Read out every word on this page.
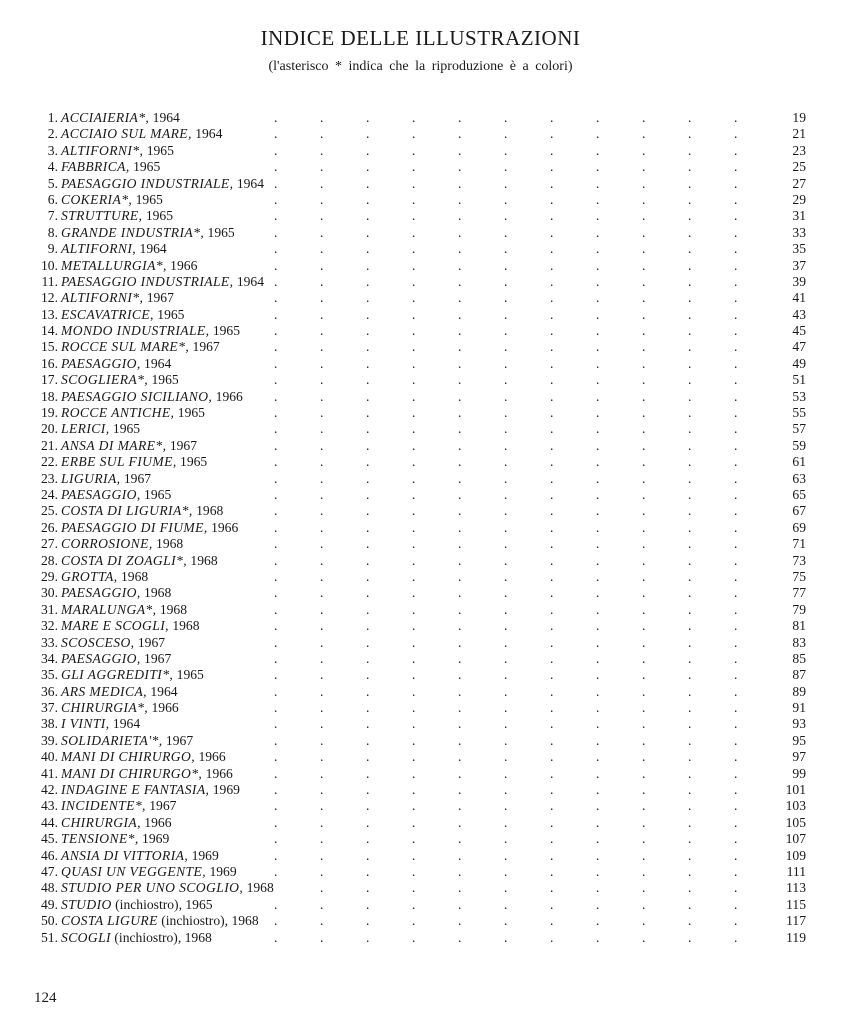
INDICE DELLE ILLUSTRAZIONI
(l'asterisco * indica che la riproduzione è a colori)
1. ACCIAIERIA*, 1964	.	.	.	.	.	.	.	.	.	.	.	19
2. ACCIAIO SUL MARE, 1964	.	.	.	.	.	.	.	.	.	.	.	21
3. ALTIFORNI*, 1965	.	.	.	.	.	.	.	.	.	.	.	23
4. FABBRICA, 1965	.	.	.	.	.	.	.	.	.	.	.	25
5. PAESAGGIO INDUSTRIALE, 1964 .	.	.	.	.	.	.	.	.	.	.	27
6. COKERIA*, 1965	.	.	.	.	.	.	.	.	.	.	.	29
7. STRUTTURE, 1965	.	.	.	.	.	.	.	.	.	.	.	31
8. GRANDE INDUSTRIA*, 1965	.	.	.	.	.	.	.	.	.	.	.	33
9. ALTIFORNI, 1964	.	.	.	.	.	.	.	.	.	.	.	35
10. METALLURGIA*, 1966	.	.	.	.	.	.	.	.	.	.	.	37
11. PAESAGGIO INDUSTRIALE, 1964 .	.	.	.	.	.	.	.	.	.	.	39
12. ALTIFORNI*, 1967	.	.	.	.	.	.	.	.	.	.	.	41
13. ESCAVATRICE, 1965	.	.	.	.	.	.	.	.	.	.	.	43
14. MONDO INDUSTRIALE, 1965 .	.	.	.	.	.	.	.	.	.	.	45
15. ROCCE SUL MARE*, 1967	.	.	.	.	.	.	.	.	.	.	.	47
16. PAESAGGIO, 1964	.	.	.	.	.	.	.	.	.	.	.	49
17. SCOGLIERA*, 1965	.	.	.	.	.	.	.	.	.	.	.	51
18. PAESAGGIO SICILIANO, 1966 .	.	.	.	.	.	.	.	.	.	.	53
19. ROCCE ANTICHE, 1965	.	.	.	.	.	.	.	.	.	.	.	55
20. LERICI, 1965	.	.	.	.	.	.	.	.	.	.	.	57
21. ANSA DI MARE*, 1967	.	.	.	.	.	.	.	.	.	.	.	59
22. ERBE SUL FIUME, 1965	.	.	.	.	.	.	.	.	.	.	.	61
23. LIGURIA, 1967	.	.	.	.	.	.	.	.	.	.	.	63
24. PAESAGGIO, 1965	.	.	.	.	.	.	.	.	.	.	.	65
25. COSTA DI LIGURIA*, 1968	.	.	.	.	.	.	.	.	.	.	.	67
26. PAESAGGIO DI FIUME, 1966	.	.	.	.	.	.	.	.	.	.	.	69
27. CORROSIONE, 1968	.	.	.	.	.	.	.	.	.	.	.	71
28. COSTA DI ZOAGLI*, 1968	.	.	.	.	.	.	.	.	.	.	.	73
29. GROTTA, 1968	.	.	.	.	.	.	.	.	.	.	.	75
30. PAESAGGIO, 1968	.	.	.	.	.	.	.	.	.	.	.	77
31. MARALUNGA*, 1968	.	.	.	.	.	.	.	.	.	.	.	79
32. MARE E SCOGLI, 1968	.	.	.	.	.	.	.	.	.	.	.	81
33. SCOSCESO, 1967	.	.	.	.	.	.	.	.	.	.	.	83
34. PAESAGGIO, 1967	.	.	.	.	.	.	.	.	.	.	.	85
35. GLI AGGREDITI*, 1965	.	.	.	.	.	.	.	.	.	.	.	87
36. ARS MEDICA, 1964	.	.	.	.	.	.	.	.	.	.	.	89
37. CHIRURGIA*, 1966	.	.	.	.	.	.	.	.	.	.	.	91
38. I VINTI, 1964	.	.	.	.	.	.	.	.	.	.	.	93
39. SOLIDARIETA'*, 1967	.	.	.	.	.	.	.	.	.	.	.	95
40. MANI DI CHIRURGO, 1966	.	.	.	.	.	.	.	.	.	.	.	97
41. MANI DI CHIRURGO*, 1966	.	.	.	.	.	.	.	.	.	.	.	99
42. INDAGINE E FANTASIA, 1969	.	.	.	.	.	.	.	.	.	.	.	101
43. INCIDENTE*, 1967	.	.	.	.	.	.	.	.	.	.	.	103
44. CHIRURGIA, 1966	.	.	.	.	.	.	.	.	.	.	.	105
45. TENSIONE*, 1969	.	.	.	.	.	.	.	.	.	.	.	107
46. ANSIA DI VITTORIA, 1969	.	.	.	.	.	.	.	.	.	.	.	109
47. QUASI UN VEGGENTE, 1969	.	.	.	.	.	.	.	.	.	.	.	111
48. STUDIO PER UNO SCOGLIO, 1968	.	.	.	.	.	.	.	.	.	.	113
49. STUDIO (inchiostro), 1965	.	.	.	.	.	.	.	.	.	.	.	115
50. COSTA LIGURE (inchiostro), 1968 .	.	.	.	.	.	.	.	.	.	.	117
51. SCOGLI (inchiostro), 1968	.	.	.	.	.	.	.	.	.	.	.	119
124
